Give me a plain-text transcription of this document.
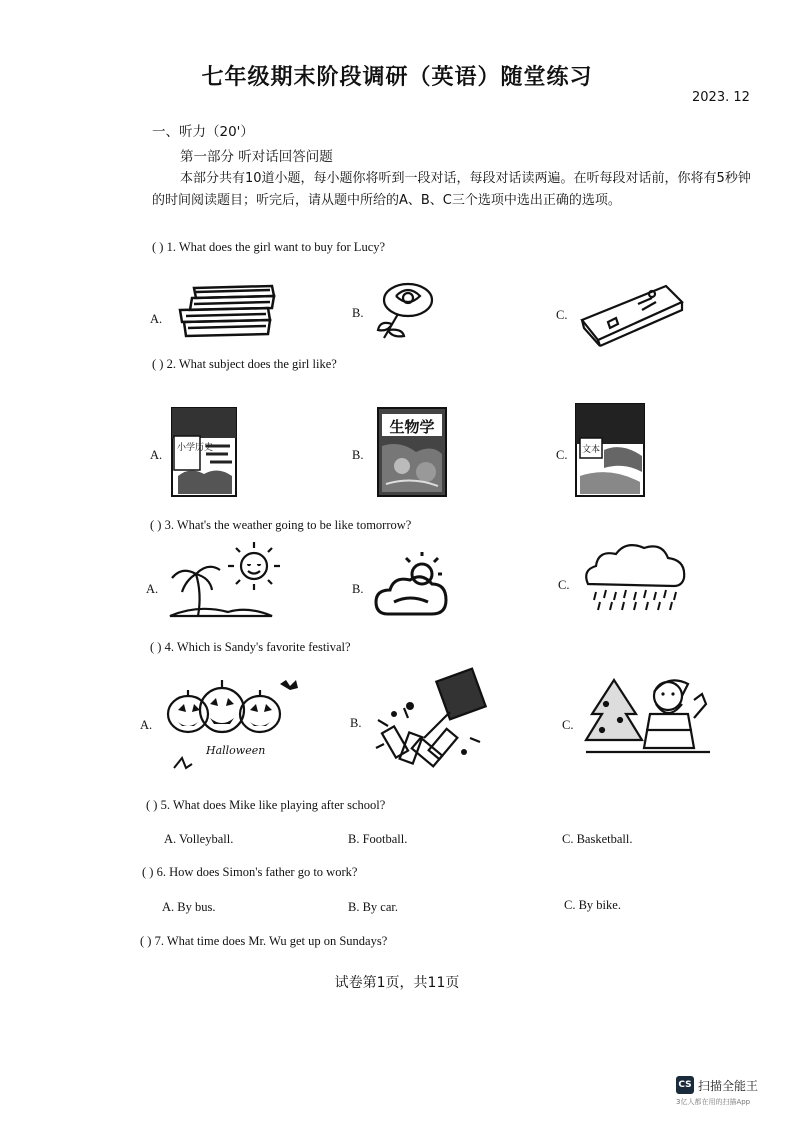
七年级期末阶段调研（英语）随堂练习
2023. 12
一、听力（20'）
第一部分 听对话回答问题
本部分共有10道小题，每小题你将听到一段对话，每段对话读两遍。在听每段对话前，你将有5秒钟的时间阅读题目；听完后，请从题中所给的A、B、C三个选项中选出正确的选项。
( ) 1. What does the girl want to buy for Lucy?
A.	B.	C.
( ) 2. What subject does the girl like?
A. 小学历史	B.
生物学
C. 文本
( ) 3. What's the weather going to be like tomorrow?
A.	B.	C.
( ) 4. Which is Sandy's favorite festival?
A.
Halloween
B.	C.
( ) 5. What does Mike like playing after school?
A. Volleyball.	B. Football.	C. Basketball.
( ) 6. How does Simon's father go to work?
A. By bus.	B. By car.	C. By bike.
( ) 7. What time does Mr. Wu get up on Sundays?
试卷第1页，共11页
CS 扫描全能王
3亿人都在用的扫描App
